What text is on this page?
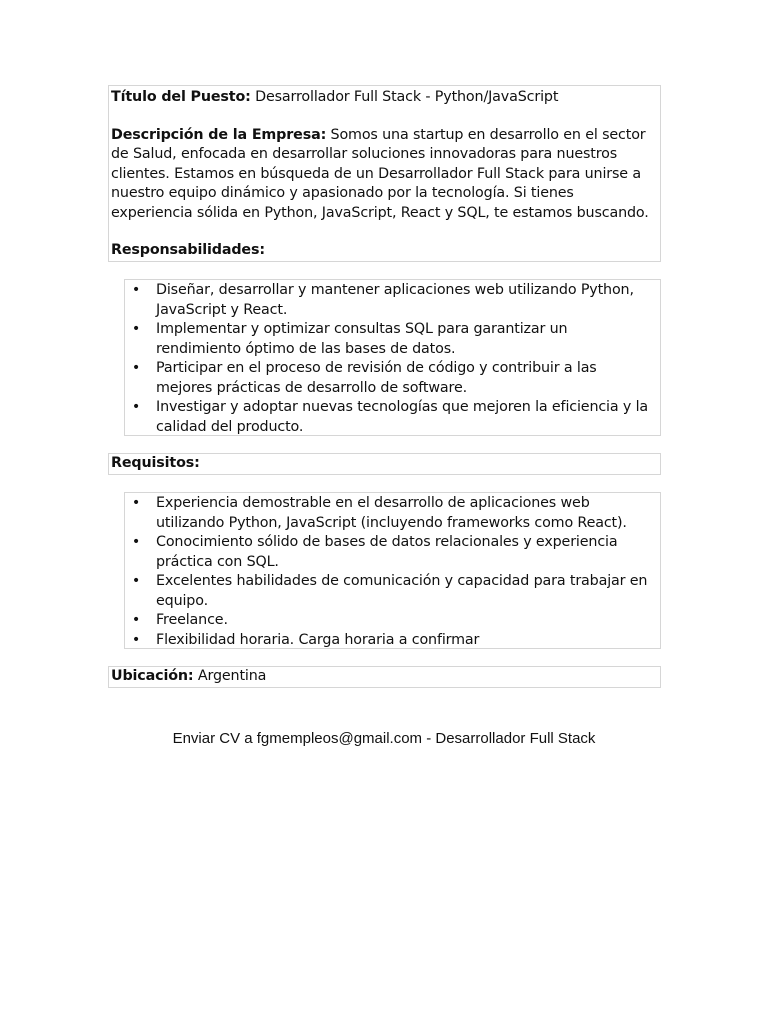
Título del Puesto: Desarrollador Full Stack - Python/JavaScript

Descripción de la Empresa: Somos una startup en desarrollo en el sector de Salud, enfocada en desarrollar soluciones innovadoras para nuestros clientes. Estamos en búsqueda de un Desarrollador Full Stack para unirse a nuestro equipo dinámico y apasionado por la tecnología. Si tienes experiencia sólida en Python, JavaScript, React y SQL, te estamos buscando.

Responsabilidades:

• Diseñar, desarrollar y mantener aplicaciones web utilizando Python, JavaScript y React.
• Implementar y optimizar consultas SQL para garantizar un rendimiento óptimo de las bases de datos.
• Participar en el proceso de revisión de código y contribuir a las mejores prácticas de desarrollo de software.
• Investigar y adoptar nuevas tecnologías que mejoren la eficiencia y la calidad del producto.
Requisitos:
• Experiencia demostrable en el desarrollo de aplicaciones web utilizando Python, JavaScript (incluyendo frameworks como React).
• Conocimiento sólido de bases de datos relacionales y experiencia práctica con SQL.
• Excelentes habilidades de comunicación y capacidad para trabajar en equipo.
• Freelance.
• Flexibilidad horaria. Carga horaria a confirmar
Ubicación: Argentina
Enviar CV a fgmempleos@gmail.com - Desarrollador Full Stack
